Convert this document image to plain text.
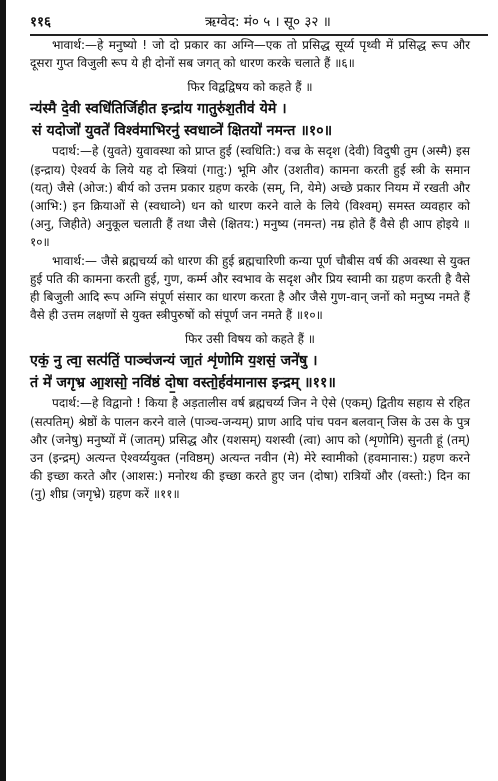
११६	ऋग्वेद: मं० ५ । सू० ३२ ॥

भावार्थ:—हे मनुष्यो ! जो दो प्रकार का अग्नि—एक तो प्रसिद्ध सूर्य्य पृथ्वी में प्रसिद्ध रूप और दूसरा गुप्त विजुली रूप ये ही दोनों सब जगत् को धारण करके चलाते हैं ॥६॥

फिर विद्वद्विषय को कहते हैं ॥

न्य॑स्मै दे॒वी स्वधि॑तिर्जिहीत इन्द्रा॑य गातुरु॑श॒तीव॑ येमे ।

सं यदोजो॑ युवते॑ विश्व॑माभिरनु॑ स्वधाव्ने॑ क्षितयो॑ नमन्त ॥१०॥

पदार्थ:—हे (युवते) युवावस्था को प्राप्त हुई (स्वधिति:) वज्र के सदृश (देवी) विदुषी तुम (अस्मै) इस (इन्द्राय) ऐश्वर्य के लिये यह दो स्त्रियां (गातु:) भूमि और (उशतीव) कामना करती हुई स्त्री के समान (यत्) जैसे (ओज:) बीर्य को उत्तम प्रकार ग्रहण करके (सम्, नि, येमे) अच्छे प्रकार नियम में रखती और (आभि:) इन क्रियाओं से (स्वधाव्ने) धन को धारण करने वाले के लिये (विश्वम्) समस्त व्यवहार को (अनु, जिहीते) अनुकूल चलाती हैं तथा जैसे (क्षितय:) मनुष्य (नमन्त) नम्र होते हैं वैसे ही आप होइये ॥१०॥

भावार्थ:— जैसे ब्रह्मचर्य्य को धारण की हुई ब्रह्मचारिणी कन्या पूर्ण चौबीस वर्ष की अवस्था से युक्त हुई पति की कामना करती हुई, गुण, कर्म्म और स्वभाव के सदृश और प्रिय स्वामी का ग्रहण करती है वैसे ही बिजुली आदि रूप अग्नि संपूर्ण संसार का धारण करता है और जैसे गुण-वान् जनों को मनुष्य नमते हैं वैसे ही उत्तम लक्षणों से युक्त स्त्रीपुरुषों को संपूर्ण जन नमते हैं ॥१०॥

फिर उसी विषय को कहते हैं ॥

एकं॒ नु त्वा॒ सत्प॑तिं॒ पाञ्च॑जन्यं जा॒तं शृ॑णोमि य॒शसं॒ जने॑षु ।

तं मे॑ जगृभ्र आ॒शसो॒ नवि॑ष्ठं दो॒षा वस्तो॒र्हव॑मानास इन्द्रम् ॥११॥

पदार्थ:—हे विद्वानो ! किया है अड़तालीस वर्ष ब्रह्मचर्य्य जिन ने ऐसे (एकम्) द्वितीय सहाय से रहित (सत्पतिम्) श्रेष्ठों के पालन करने वाले (पाञ्च-जन्यम्) प्राण आदि पांच पवन बलवान् जिस के उस के पुत्र और (जनेषु) मनुष्यों में (जातम्) प्रसिद्ध और (यशसम्) यशस्वी (त्वा) आप को (शृणोमि) सुनती हूं (तम्) उन (इन्द्रम्) अत्यन्त ऐश्वर्य्ययुक्त (नविष्ठम्) अत्यन्त नवीन (मे) मेरे स्वामीको (हवमानास:) ग्रहण करने की इच्छा करते और (आशस:) मनोरथ की इच्छा करते हुए जन (दोषा) रात्रियों और (वस्तो:) दिन का (नु) शीघ्र (जगृभ्रे) ग्रहण करें ॥११॥
